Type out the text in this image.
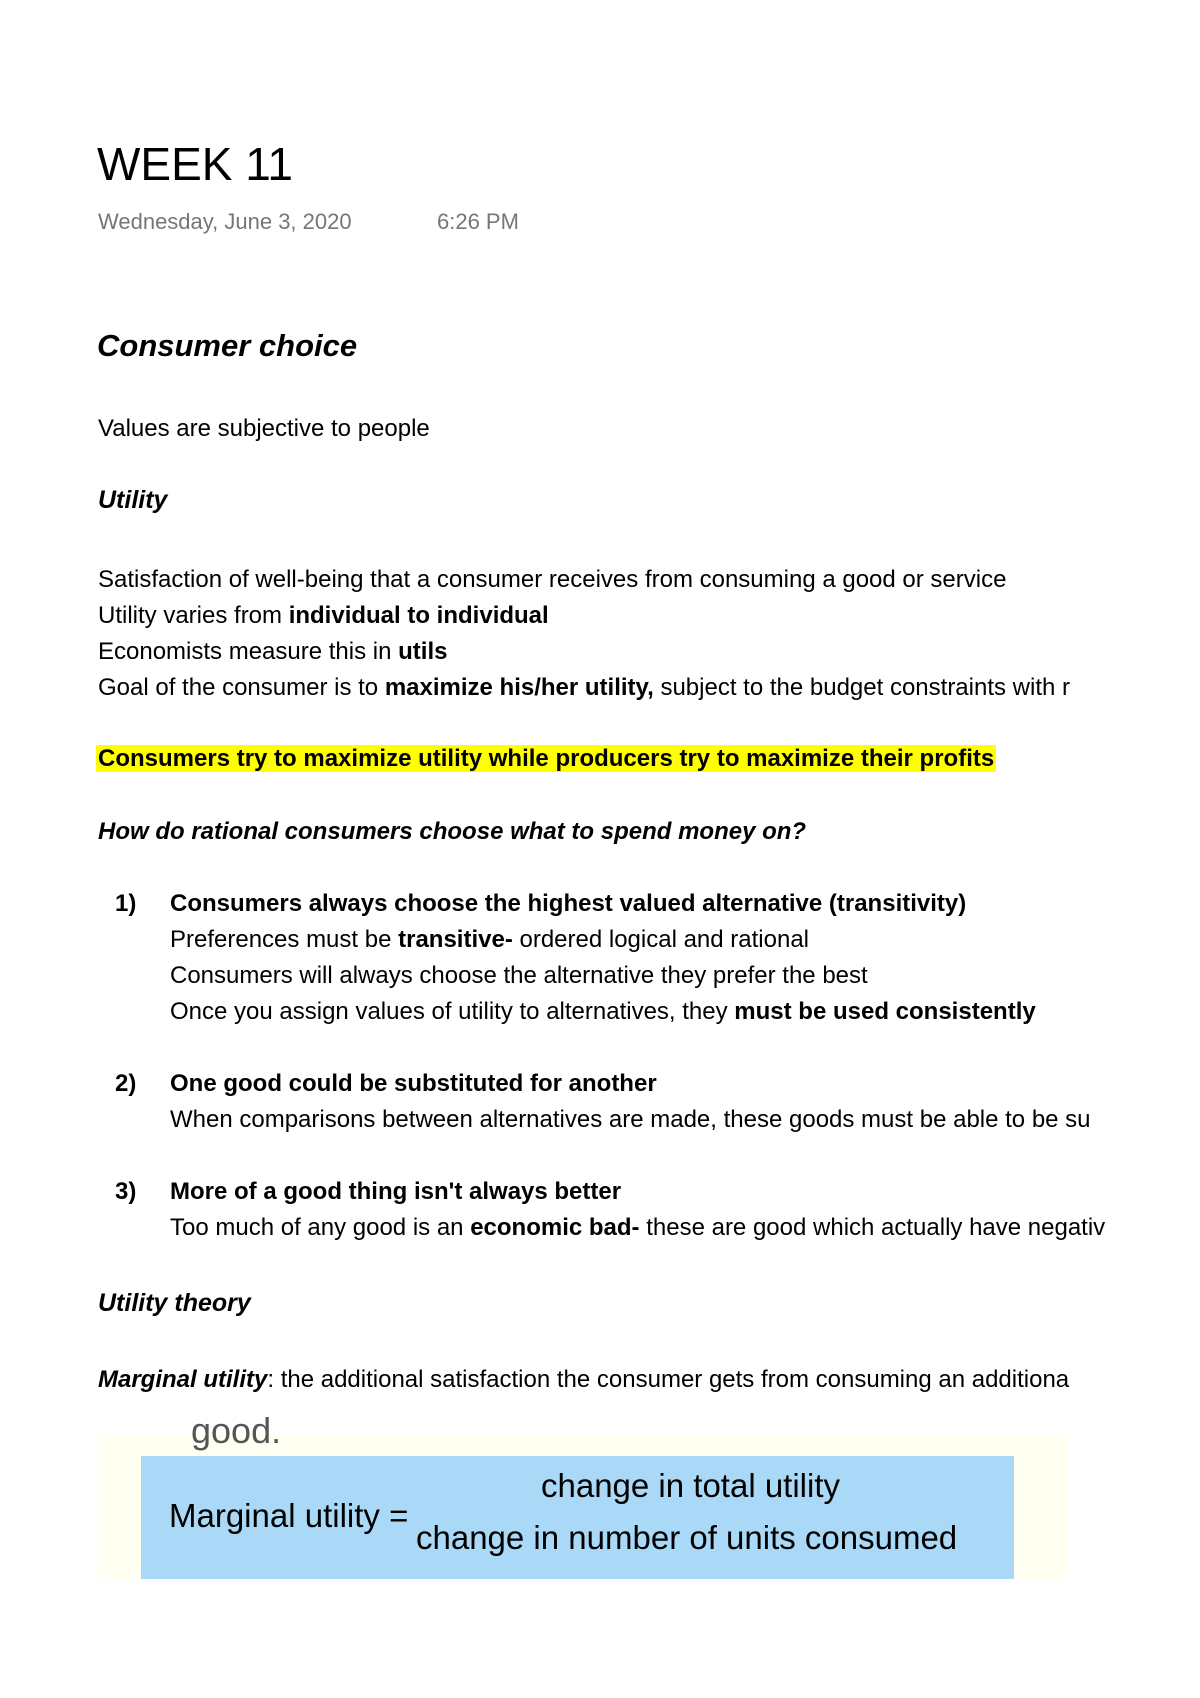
WEEK 11
Wednesday, June 3, 2020	6:26 PM
Consumer choice
Values are subjective to people
Utility
Satisfaction of well-being that a consumer receives from consuming a good or service
Utility varies from individual to individual
Economists measure this in utils
Goal of the consumer is to maximize his/her utility, subject to the budget constraints with r
Consumers try to maximize utility while producers try to maximize their profits
How do rational consumers choose what to spend money on?
1) Consumers always choose the highest valued alternative (transitivity)
Preferences must be transitive- ordered logical and rational
Consumers will always choose the alternative they prefer the best
Once you assign values of utility to alternatives, they must be used consistently
2) One good could be substituted for another
When comparisons between alternatives are made, these goods must be able to be su
3) More of a good thing isn't always better
Too much of any good is an economic bad- these are good which actually have negativ
Utility theory
Marginal utility: the additional satisfaction the consumer gets from consuming an additiona
good.
Marginal utility =
change in total utility
change in number of units consumed
